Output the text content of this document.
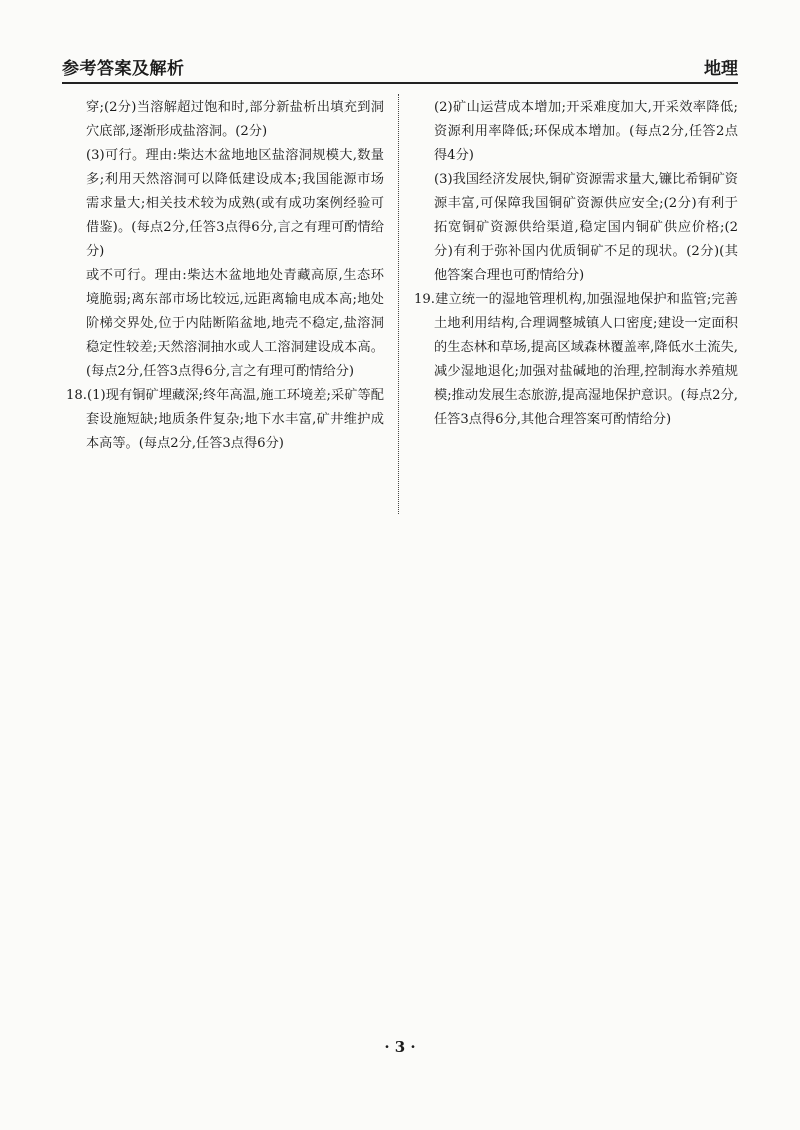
参考答案及解析	地理

穿;(2分)当溶解超过饱和时,部分新盐析出填充到洞穴底部,逐渐形成盐溶洞。(2分)

(3)可行。理由:柴达木盆地地区盐溶洞规模大,数量多;利用天然溶洞可以降低建设成本;我国能源市场需求量大;相关技术较为成熟(或有成功案例经验可借鉴)。(每点2分,任答3点得6分,言之有理可酌情给分)

或不可行。理由:柴达木盆地地处青藏高原,生态环境脆弱;离东部市场比较远,远距离输电成本高;地处阶梯交界处,位于内陆断陷盆地,地壳不稳定,盐溶洞稳定性较差;天然溶洞抽水或人工溶洞建设成本高。(每点2分,任答3点得6分,言之有理可酌情给分)

18.(1)现有铜矿埋藏深;终年高温,施工环境差;采矿等配套设施短缺;地质条件复杂;地下水丰富,矿井维护成本高等。(每点2分,任答3点得6分)

(2)矿山运营成本增加;开采难度加大,开采效率降低;资源利用率降低;环保成本增加。(每点2分,任答2点得4分)

(3)我国经济发展快,铜矿资源需求量大,镰比希铜矿资源丰富,可保障我国铜矿资源供应安全;(2分)有利于拓宽铜矿资源供给渠道,稳定国内铜矿供应价格;(2分)有利于弥补国内优质铜矿不足的现状。(2分)(其他答案合理也可酌情给分)

19.建立统一的湿地管理机构,加强湿地保护和监管;完善土地利用结构,合理调整城镇人口密度;建设一定面积的生态林和草场,提高区域森林覆盖率,降低水土流失,减少湿地退化;加强对盐碱地的治理,控制海水养殖规模;推动发展生态旅游,提高湿地保护意识。(每点2分,任答3点得6分,其他合理答案可酌情给分)

· 3 ·
